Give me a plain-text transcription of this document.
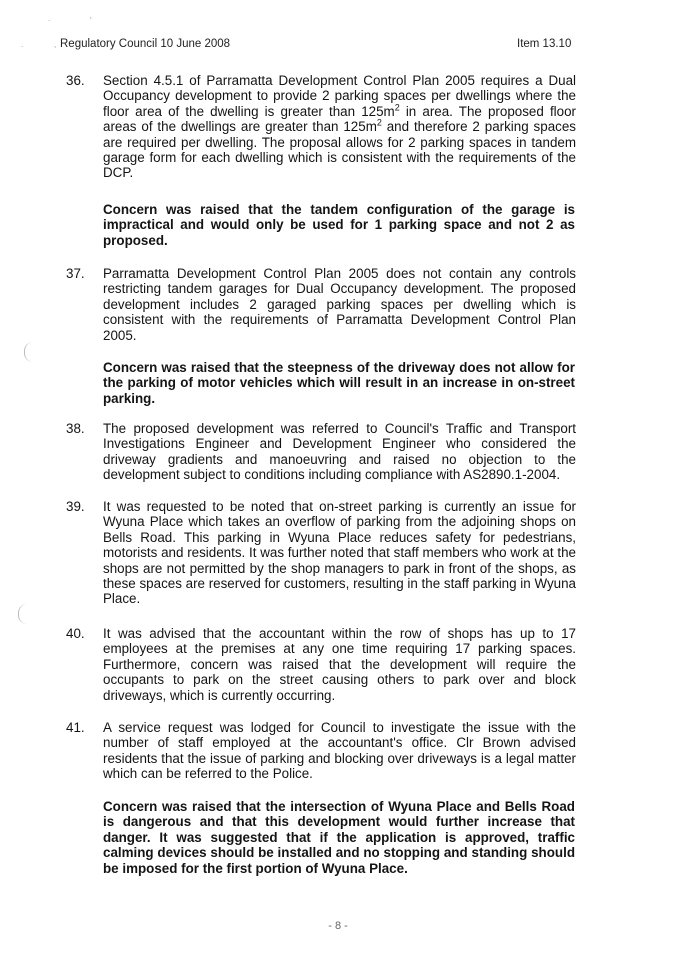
.	'
.	, Regulatory Council 10 June 2008	Item 13.10
36.	Section 4.5.1 of Parramatta Development Control Plan 2005 requires a Dual Occupancy development to provide 2 parking spaces per dwellings where the floor area of the dwelling is greater than $125m^2$ in area. The proposed floor areas of the dwellings are greater than $125m^2$ and therefore 2 parking spaces are required per dwelling. The proposal allows for 2 parking spaces in tandem garage form for each dwelling which is consistent with the requirements of the DCP.
Concern was raised that the tandem configuration of the garage is impractical and would only be used for 1 parking space and not 2 as proposed.
37.	Parramatta Development Control Plan 2005 does not contain any controls restricting tandem garages for Dual Occupancy development. The proposed development includes 2 garaged parking spaces per dwelling which is consistent with the requirements of Parramatta Development Control Plan 2005.
Concern was raised that the steepness of the driveway does not allow for the parking of motor vehicles which will result in an increase in on-street parking.
38.	The proposed development was referred to Council's Traffic and Transport Investigations Engineer and Development Engineer who considered the driveway gradients and manoeuvring and raised no objection to the development subject to conditions including compliance with AS2890.1-2004.
39.	It was requested to be noted that on-street parking is currently an issue for Wyuna Place which takes an overflow of parking from the adjoining shops on Bells Road. This parking in Wyuna Place reduces safety for pedestrians, motorists and residents. It was further noted that staff members who work at the shops are not permitted by the shop managers to park in front of the shops, as these spaces are reserved for customers, resulting in the staff parking in Wyuna Place.
40.	It was advised that the accountant within the row of shops has up to 17 employees at the premises at any one time requiring 17 parking spaces. Furthermore, concern was raised that the development will require the occupants to park on the street causing others to park over and block driveways, which is currently occurring.
41.	A service request was lodged for Council to investigate the issue with the number of staff employed at the accountant's office. Clr Brown advised residents that the issue of parking and blocking over driveways is a legal matter which can be referred to the Police.
Concern was raised that the intersection of Wyuna Place and Bells Road is dangerous and that this development would further increase that danger. It was suggested that if the application is approved, traffic calming devices should be installed and no stopping and standing should be imposed for the first portion of Wyuna Place.
- 8 -
